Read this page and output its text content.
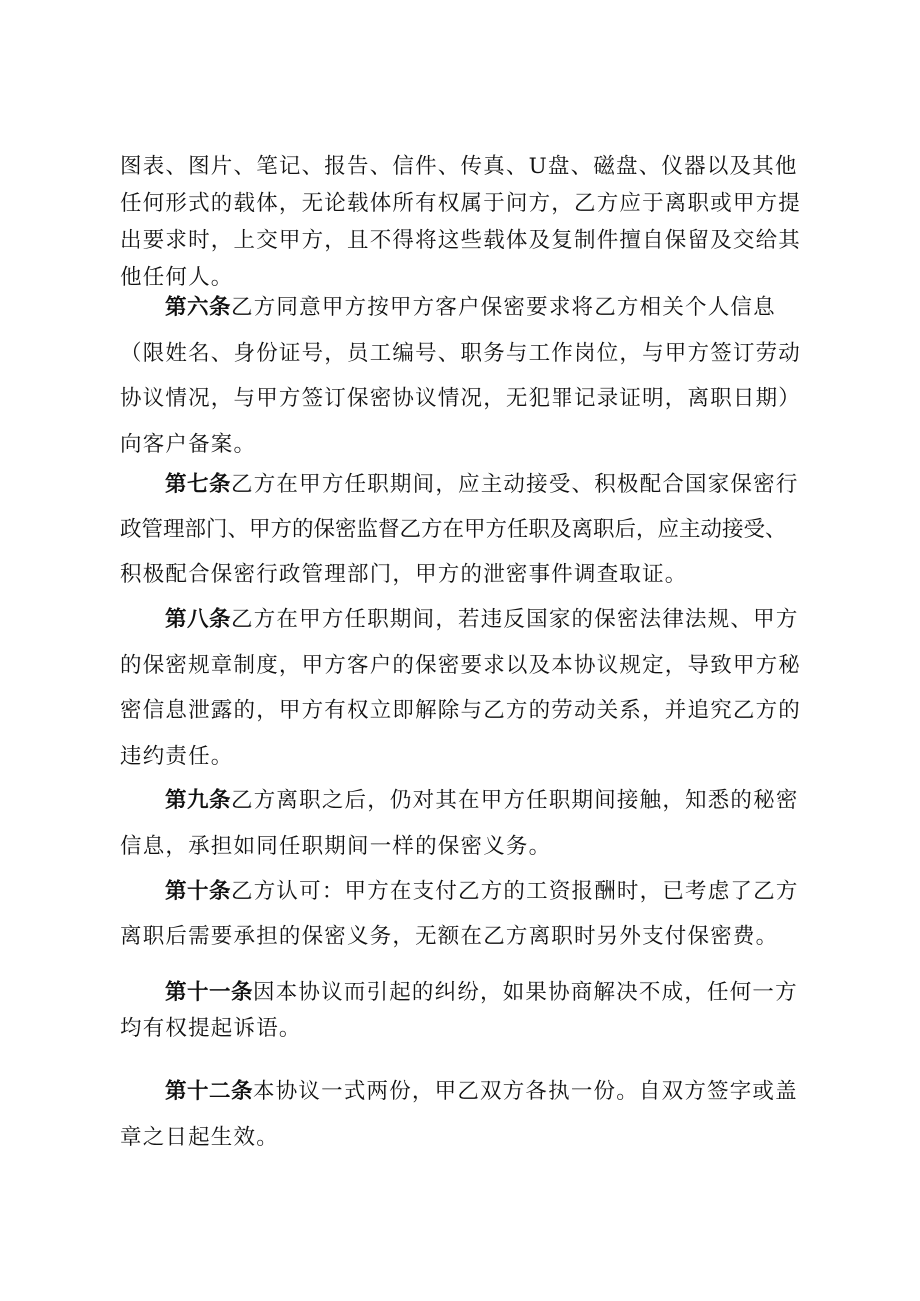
图表、图片、笔记、报告、信件、传真、U盘、磁盘、仪器以及其他
任何形式的载体，无论载体所有权属于问方，乙方应于离职或甲方提
出要求时，上交甲方，且不得将这些载体及复制件擅自保留及交给其
他任何人。
第六条乙方同意甲方按甲方客户保密要求将乙方相关个人信息
（限姓名、身份证号，员工编号、职务与工作岗位，与甲方签订劳动
协议情况，与甲方签订保密协议情况，无犯罪记录证明，离职日期）
向客户备案。
第七条乙方在甲方任职期间，应主动接受、积极配合国家保密行
政管理部门、甲方的保密监督乙方在甲方任职及离职后，应主动接受、
积极配合保密行政管理部门，甲方的泄密事件调查取证。
第八条乙方在甲方任职期间，若违反国家的保密法律法规、甲方
的保密规章制度，甲方客户的保密要求以及本协议规定，导致甲方秘
密信息泄露的，甲方有权立即解除与乙方的劳动关系，并追究乙方的
违约责任。
第九条乙方离职之后，仍对其在甲方任职期间接触，知悉的秘密
信息，承担如同任职期间一样的保密义务。
第十条乙方认可：甲方在支付乙方的工资报酬时，已考虑了乙方
离职后需要承担的保密义务，无额在乙方离职时另外支付保密费。
第十一条因本协议而引起的纠纷，如果协商解决不成，任何一方
均有权提起诉语。
第十二条本协议一式两份，甲乙双方各执一份。自双方签字或盖
章之日起生效。
